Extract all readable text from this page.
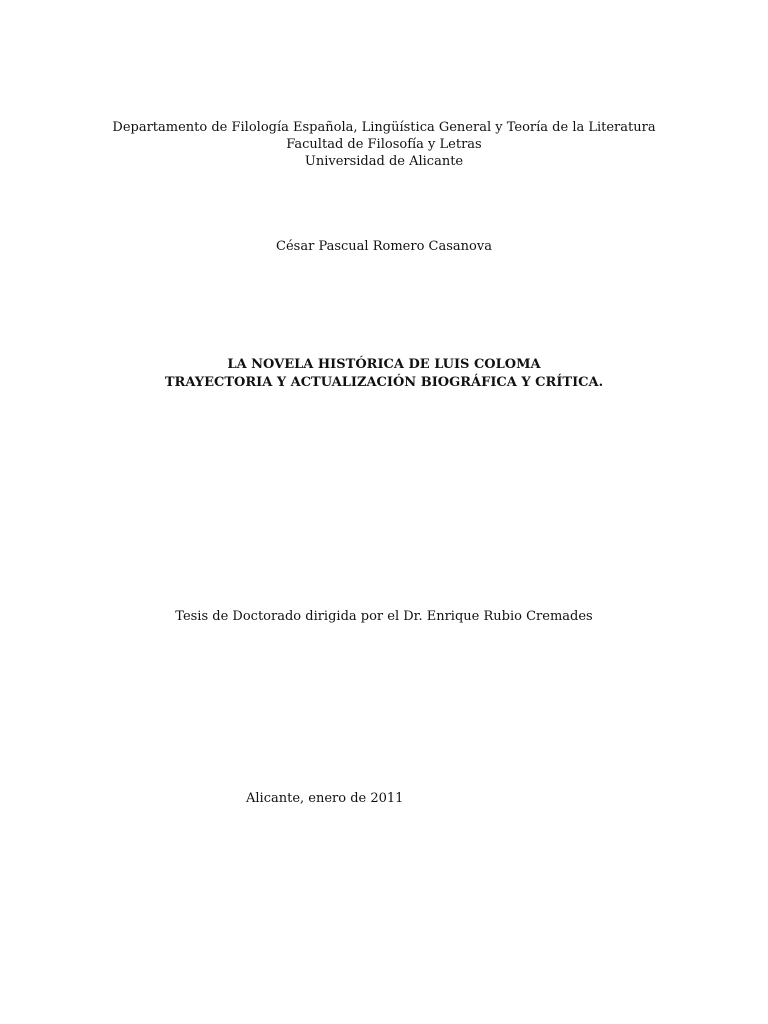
Departamento de Filología Española, Lingüística General y Teoría de la Literatura
Facultad de Filosofía y Letras
Universidad de Alicante
César Pascual Romero Casanova
LA NOVELA HISTÓRICA DE LUIS COLOMA
TRAYECTORIA Y ACTUALIZACIÓN BIOGRÁFICA Y CRÍTICA.
Tesis de Doctorado dirigida por el Dr. Enrique Rubio Cremades
Alicante, enero de 2011
